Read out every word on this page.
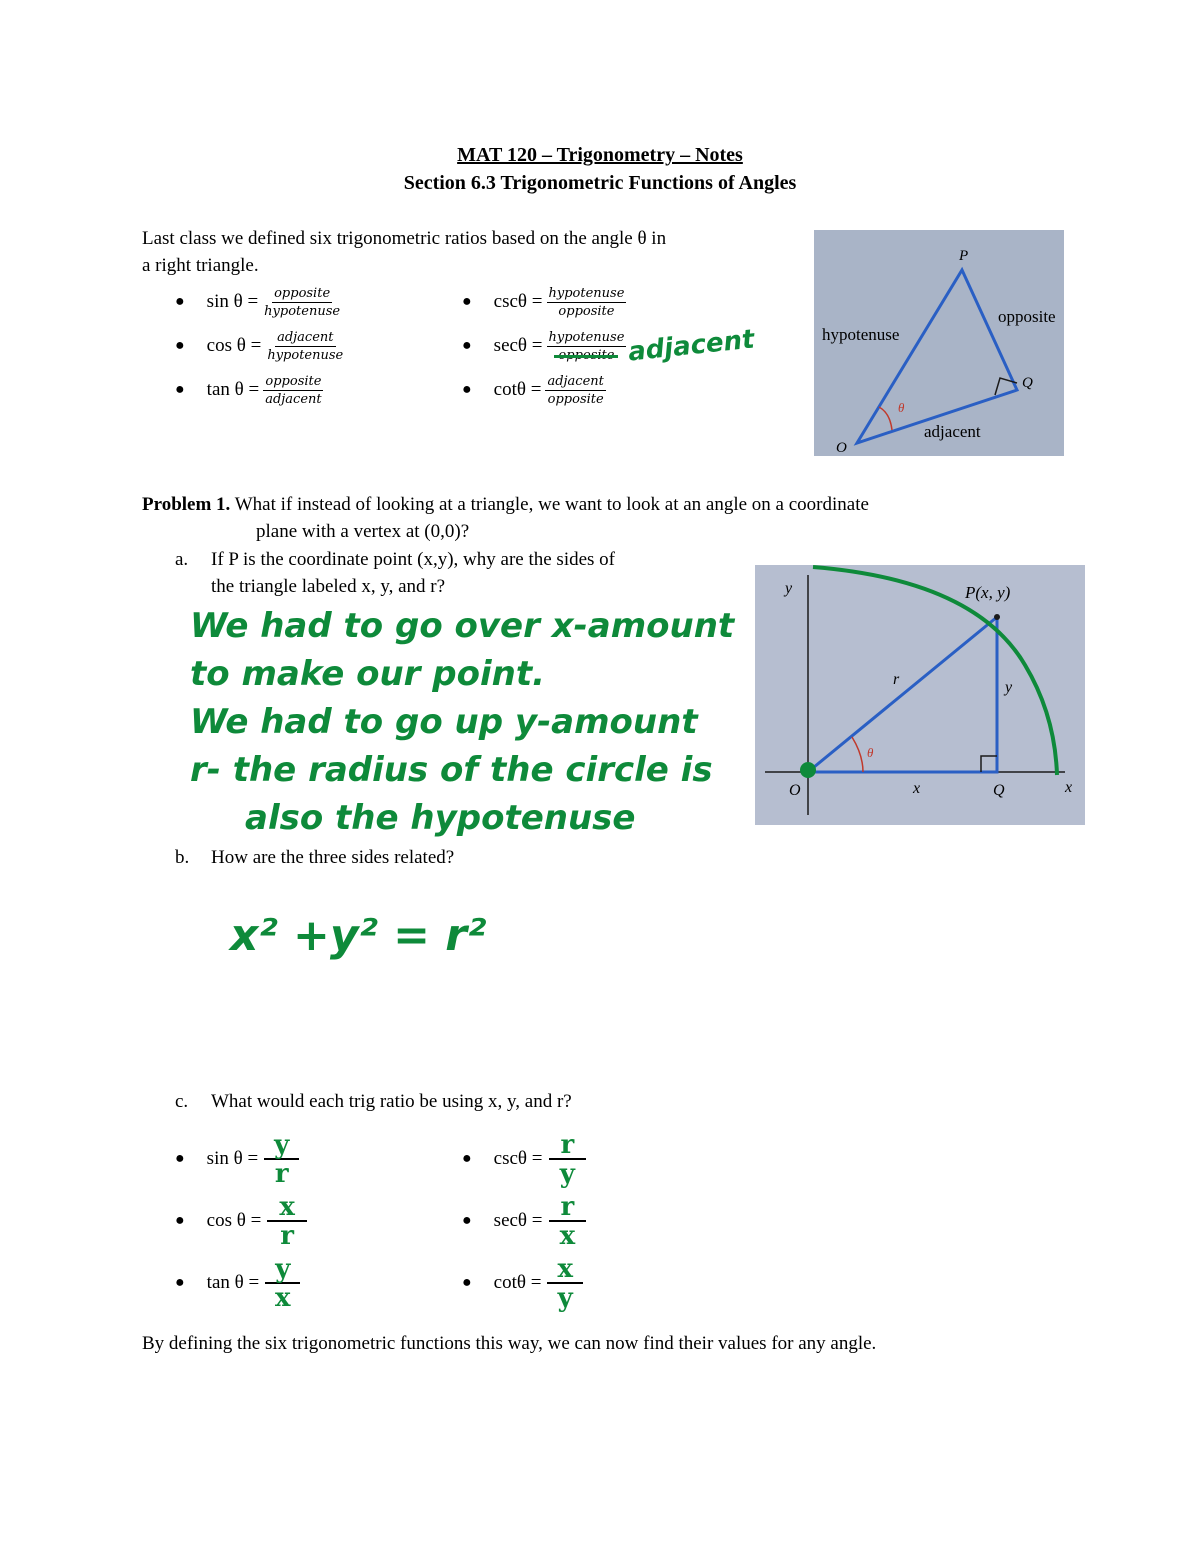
MAT 120 – Trigonometry – Notes
Section 6.3 Trigonometric Functions of Angles
Last class we defined six trigonometric ratios based on the angle θ in
a right triangle.
● $\sin \theta = \frac{\text{opposite}}{\text{hypotenuse}}$
● $\cos \theta = \frac{\text{adjacent}}{\text{hypotenuse}}$
● $\tan \theta = \frac{\text{opposite}}{\text{adjacent}}$
● $\csc\theta = \frac{\text{hypotenuse}}{\text{opposite}}$
● $\sec\theta = \frac{\text{hypotenuse}}{\text{opposite}}$ adjacent
● $\cot\theta = \frac{\text{adjacent}}{\text{opposite}}$
P
Q
O
hypotenuse
opposite
adjacent
θ
Problem 1. What if instead of looking at a triangle, we want to look at an angle on a coordinate
plane with a vertex at (0,0)?
a. If P is the coordinate point (x,y), why are the sides of
the triangle labeled x, y, and r?
We had to go over x-amount
to make our point.
We had to go up y-amount
r- the radius of the circle is
also the hypotenuse
y
x
O
P(x, y)
r	y
x	Q
θ
b. How are the three sides related?
x² +y² = r²
c. What would each trig ratio be using x, y, and r?
● $\sin \theta = \frac{y}{r}$
● $\cos \theta = \frac{x}{r}$
● $\tan \theta = \frac{y}{x}$
● $\csc\theta = \frac{r}{y}$
● $\sec\theta = \frac{r}{x}$
● $\cot\theta = \frac{x}{y}$
By defining the six trigonometric functions this way, we can now find their values for any angle.
